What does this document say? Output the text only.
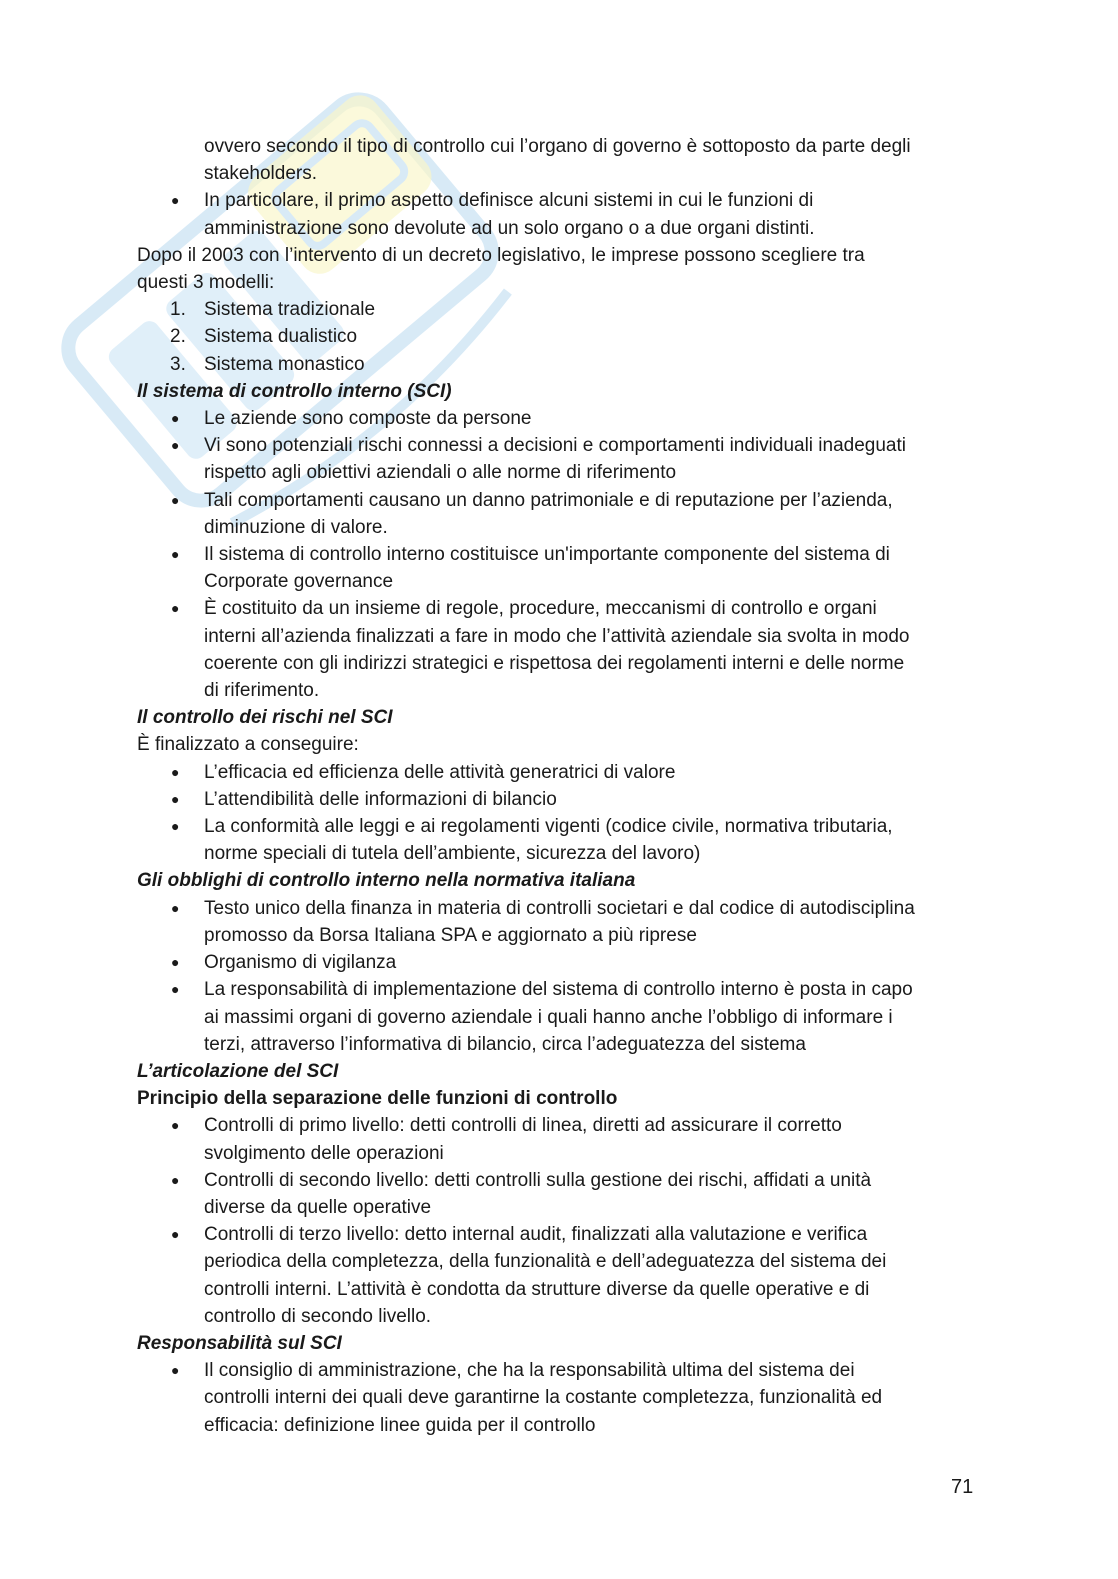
ovvero secondo il tipo di controllo cui l’organo di governo è sottoposto da parte degli
stakeholders.
●	In particolare, il primo aspetto definisce alcuni sistemi in cui le funzioni di
amministrazione sono devolute ad un solo organo o a due organi distinti.
Dopo il 2003 con l’intervento di un decreto legislativo, le imprese possono scegliere tra
questi 3 modelli:
1. Sistema tradizionale
2. Sistema dualistico
3. Sistema monastico
Il sistema di controllo interno (SCI)
●	Le aziende sono composte da persone
●	Vi sono potenziali rischi connessi a decisioni e comportamenti individuali inadeguati
rispetto agli obiettivi aziendali o alle norme di riferimento
●	Tali comportamenti causano un danno patrimoniale e di reputazione per l’azienda,
diminuzione di valore.
●	Il sistema di controllo interno costituisce un'importante componente del sistema di
Corporate governance
●	È costituito da un insieme di regole, procedure, meccanismi di controllo e organi
interni all’azienda finalizzati a fare in modo che l’attività aziendale sia svolta in modo
coerente con gli indirizzi strategici e rispettosa dei regolamenti interni e delle norme
di riferimento.
Il controllo dei rischi nel SCI
È finalizzato a conseguire:
●	L’efficacia ed efficienza delle attività generatrici di valore
●	L’attendibilità delle informazioni di bilancio
●	La conformità alle leggi e ai regolamenti vigenti (codice civile, normativa tributaria,
norme speciali di tutela dell’ambiente, sicurezza del lavoro)
Gli obblighi di controllo interno nella normativa italiana
●	Testo unico della finanza in materia di controlli societari e dal codice di autodisciplina
promosso da Borsa Italiana SPA e aggiornato a più riprese
●	Organismo di vigilanza
●	La responsabilità di implementazione del sistema di controllo interno è posta in capo
ai massimi organi di governo aziendale i quali hanno anche l’obbligo di informare i
terzi, attraverso l’informativa di bilancio, circa l’adeguatezza del sistema
L’articolazione del SCI
Principio della separazione delle funzioni di controllo
●	Controlli di primo livello: detti controlli di linea, diretti ad assicurare il corretto
svolgimento delle operazioni
●	Controlli di secondo livello: detti controlli sulla gestione dei rischi, affidati a unità
diverse da quelle operative
●	Controlli di terzo livello: detto internal audit, finalizzati alla valutazione e verifica
periodica della completezza, della funzionalità e dell’adeguatezza del sistema dei
controlli interni. L’attività è condotta da strutture diverse da quelle operative e di
controllo di secondo livello.
Responsabilità sul SCI
●	Il consiglio di amministrazione, che ha la responsabilità ultima del sistema dei
controlli interni dei quali deve garantirne la costante completezza, funzionalità ed
efficacia: definizione linee guida per il controllo
71
